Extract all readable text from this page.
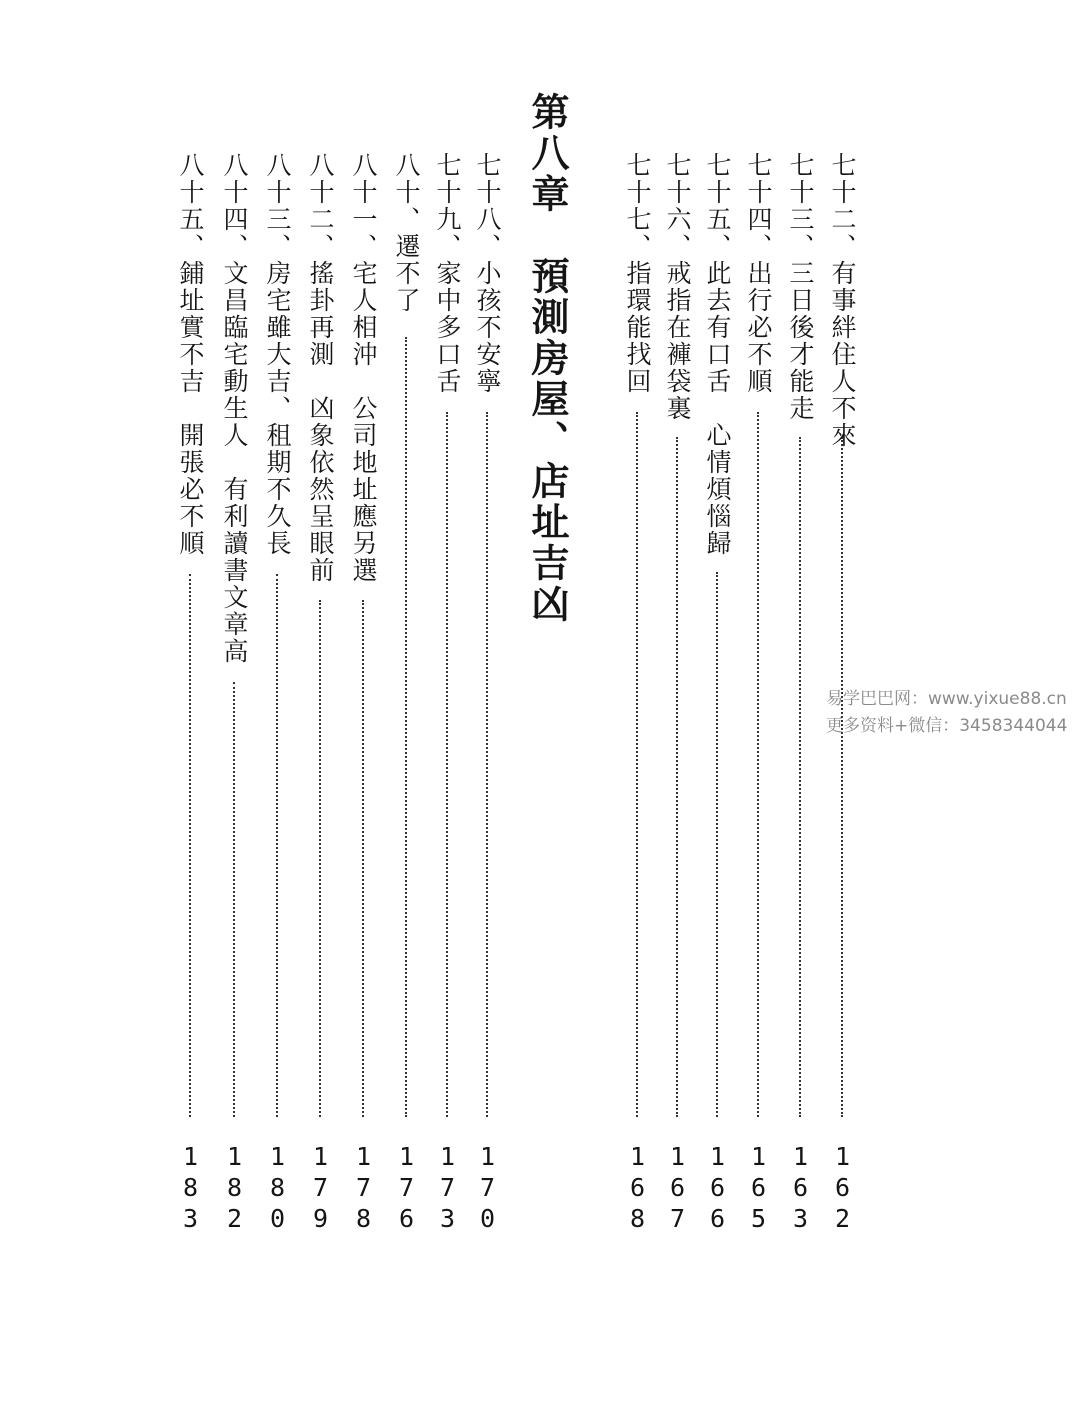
七十二、有事絆住人不來
162
七十三、三日後才能走
163
七十四、出行必不順
165
七十五、此去有口舌　心情煩惱歸
166
七十六、戒指在褲袋裏
167
七十七、指環能找回
168
第八章　預測房屋、店址吉凶
七十八、小孩不安寧
170
七十九、家中多口舌
173
八十、遷不了
176
八十一、宅人相沖　公司地址應另選
178
八十二、搖卦再測　凶象依然呈眼前
179
八十三、房宅雖大吉、租期不久長
180
八十四、文昌臨宅動生人　有利讀書文章高
182
八十五、鋪址實不吉　開張必不順
183
易学巴巴网：www.yixue88.cn
更多资料+微信：3458344044
